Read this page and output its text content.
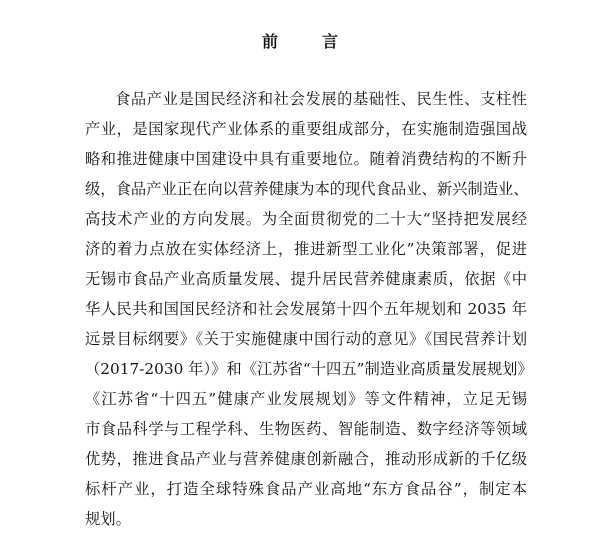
前　言
食品产业是国民经济和社会发展的基础性、民生性、支柱性
产业，是国家现代产业体系的重要组成部分，在实施制造强国战
略和推进健康中国建设中具有重要地位。随着消费结构的不断升
级，食品产业正在向以营养健康为本的现代食品业、新兴制造业、
高技术产业的方向发展。为全面贯彻党的二十大“坚持把发展经
济的着力点放在实体经济上，推进新型工业化”决策部署，促进
无锡市食品产业高质量发展、提升居民营养健康素质，依据《中
华人民共和国国民经济和社会发展第十四个五年规划和 2035 年
远景目标纲要》《关于实施健康中国行动的意见》《国民营养计划
（2017-2030 年）》和《江苏省“十四五”制造业高质量发展规划》
《江苏省“十四五”健康产业发展规划》等文件精神，立足无锡
市食品科学与工程学科、生物医药、智能制造、数字经济等领域
优势，推进食品产业与营养健康创新融合，推动形成新的千亿级
标杆产业，打造全球特殊食品产业高地“东方食品谷”，制定本
规划。
